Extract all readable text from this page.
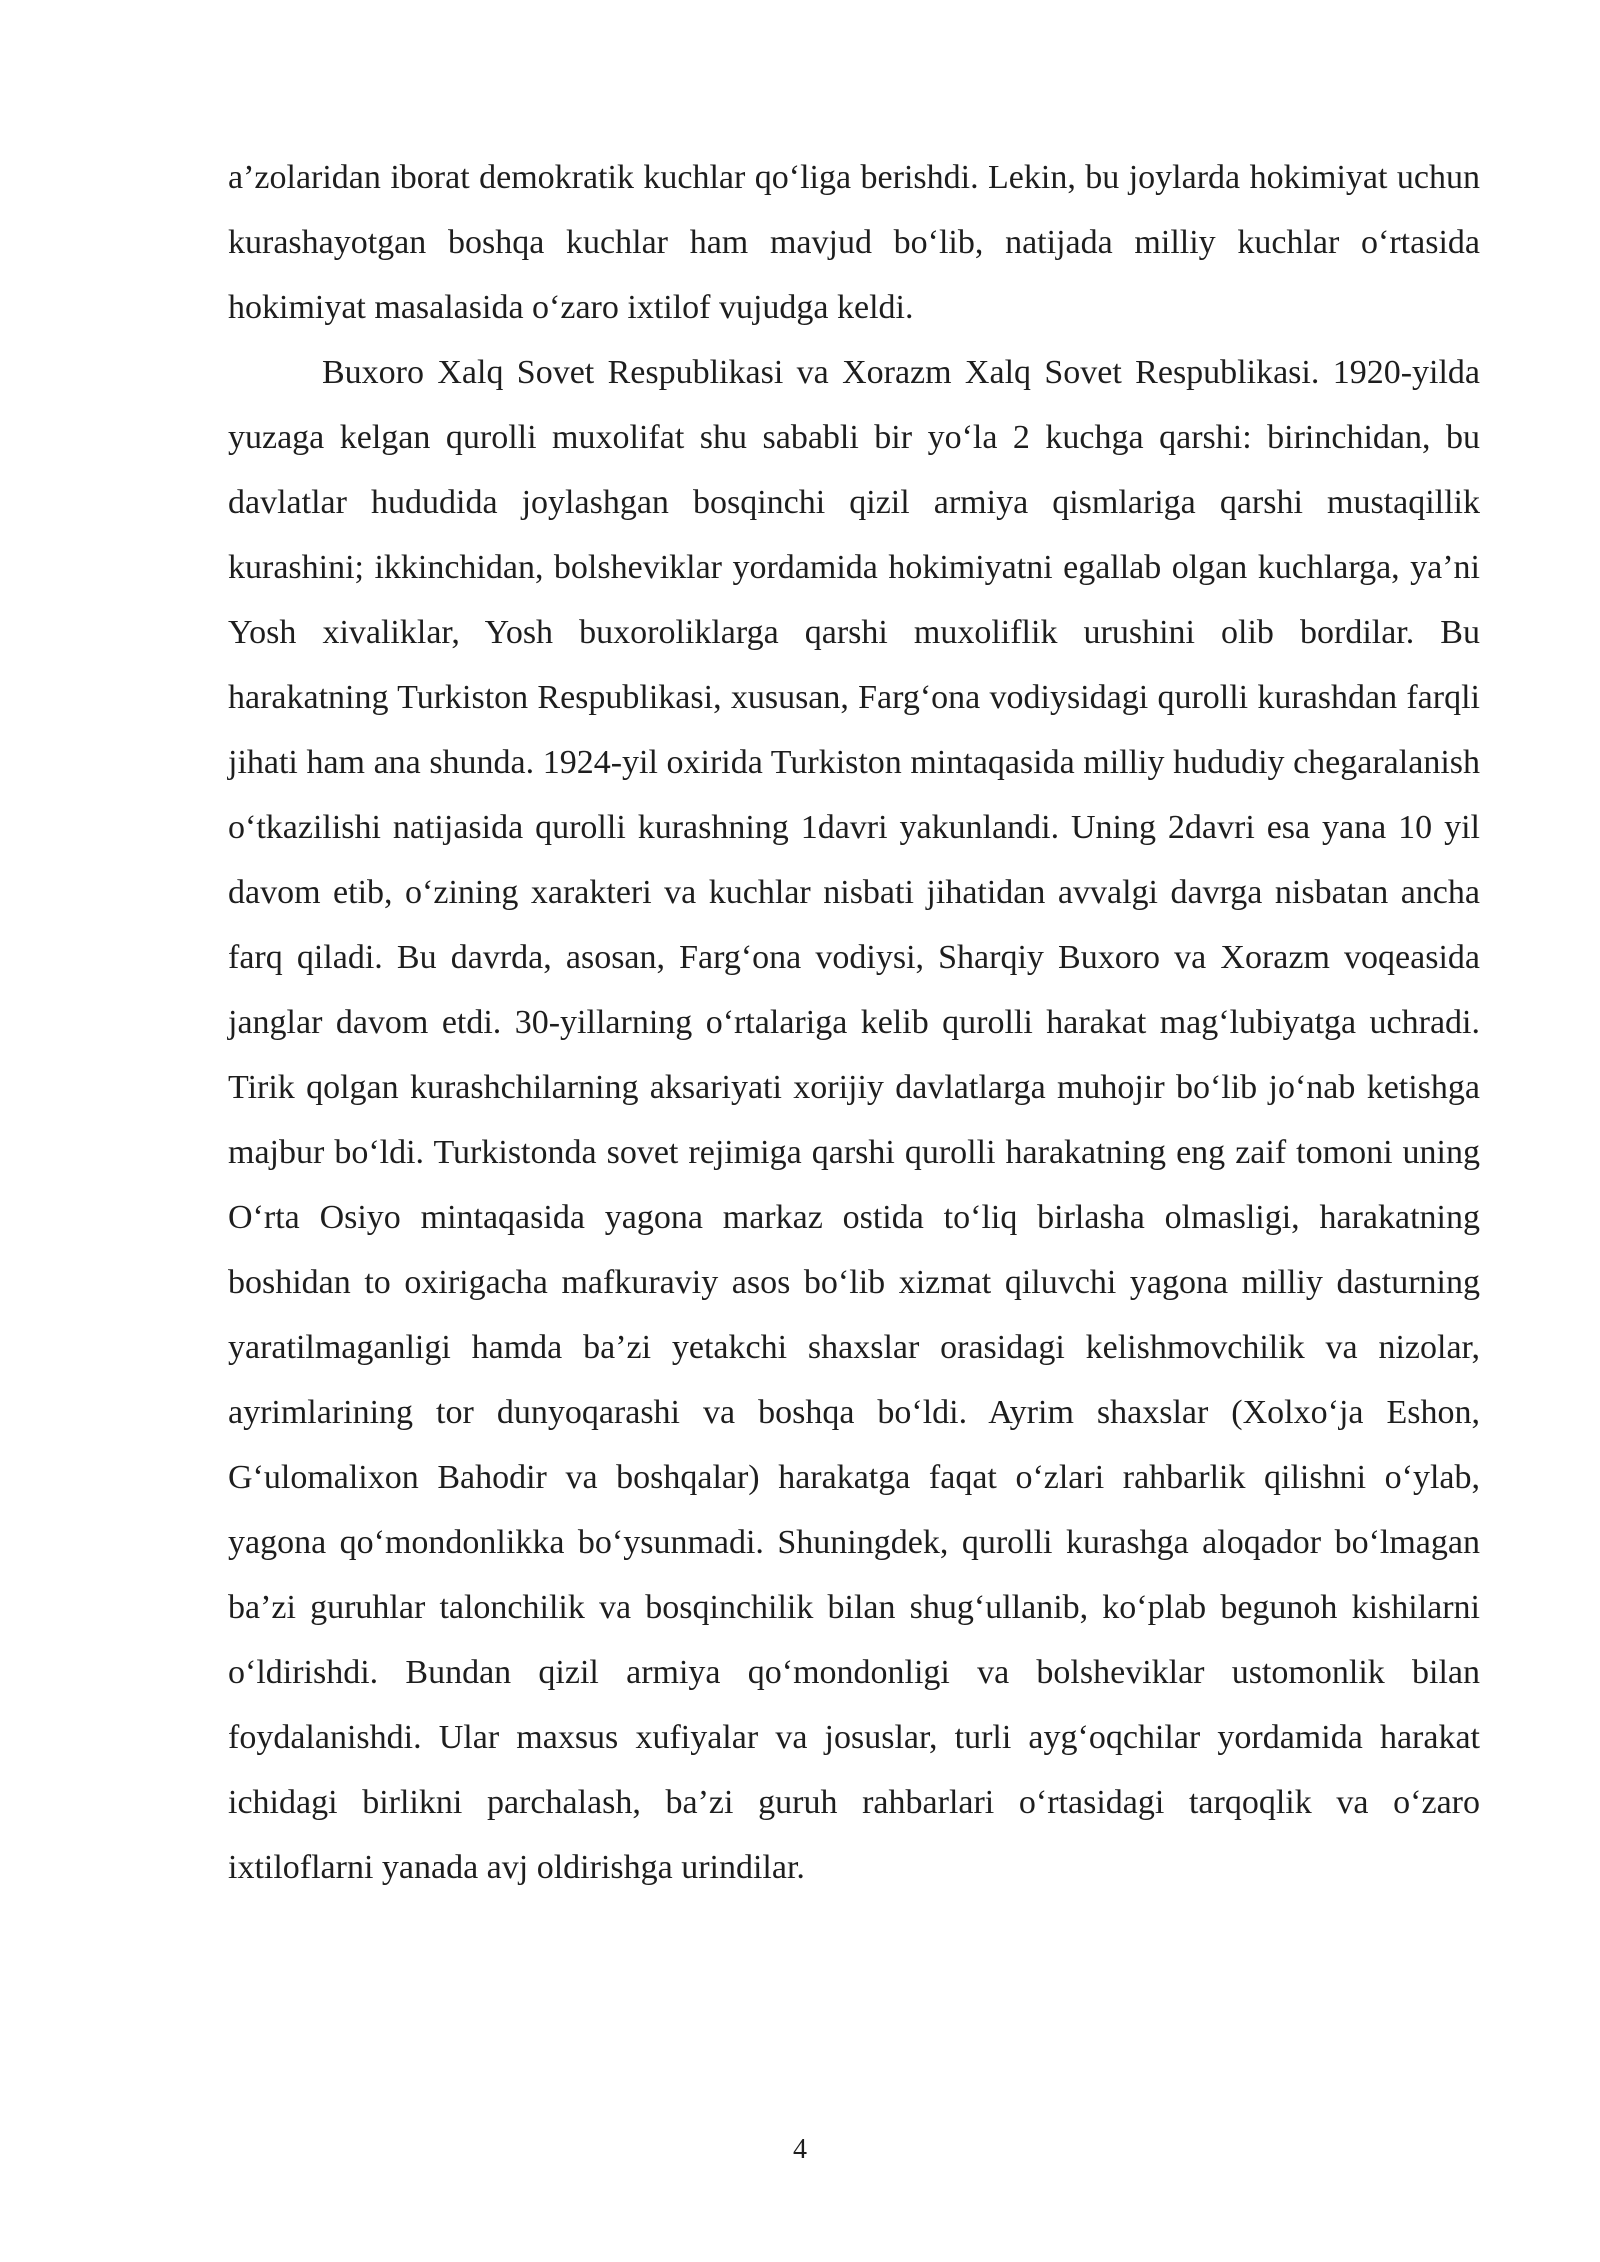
a’zolaridan iborat demokratik kuchlar qo‘liga berishdi. Lekin, bu joylarda hokimiyat uchun kurashayotgan boshqa kuchlar ham mavjud bo‘lib, natijada milliy kuchlar o‘rtasida hokimiyat masalasida o‘zaro ixtilof vujudga keldi.

Buxoro Xalq Sovet Respublikasi va Xorazm Xalq Sovet Respublikasi. 1920-yilda yuzaga kelgan qurolli muxolifat shu sababli bir yo‘la 2 kuchga qarshi: birinchidan, bu davlatlar hududida joylashgan bosqinchi qizil armiya qismlariga qarshi mustaqillik kurashini; ikkinchidan, bolsheviklar yordamida hokimiyatni egallab olgan kuchlarga, ya’ni Yosh xivaliklar, Yosh buxoroliklarga qarshi muxoliflik urushini olib bordilar. Bu harakatning Turkiston Respublikasi, xususan, Farg‘ona vodiysidagi qurolli kurashdan farqli jihati ham ana shunda. 1924-yil oxirida Turkiston mintaqasida milliy hududiy chegaralanish o‘tkazilishi natijasida qurolli kurashning 1davri yakunlandi. Uning 2davri esa yana 10 yil davom etib, o‘zining xarakteri va kuchlar nisbati jihatidan avvalgi davrga nisbatan ancha farq qiladi. Bu davrda, asosan, Farg‘ona vodiysi, Sharqiy Buxoro va Xorazm voqeasida janglar davom etdi. 30-yillarning o‘rtalariga kelib qurolli harakat mag‘lubiyatga uchradi. Tirik qolgan kurashchilarning aksariyati xorijiy davlatlarga muhojir bo‘lib jo‘nab ketishga majbur bo‘ldi. Turkistonda sovet rejimiga qarshi qurolli harakatning eng zaif tomoni uning O‘rta Osiyo mintaqasida yagona markaz ostida to‘liq birlasha olmasligi, harakatning boshidan to oxirigacha mafkuraviy asos bo‘lib xizmat qiluvchi yagona milliy dasturning yaratilmaganligi hamda ba’zi yetakchi shaxslar orasidagi kelishmovchilik va nizolar, ayrimlarining tor dunyoqarashi va boshqa bo‘ldi. Ayrim shaxslar (Xolxo‘ja Eshon, G‘ulomalixon Bahodir va boshqalar) harakatga faqat o‘zlari rahbarlik qilishni o‘ylab, yagona qo‘mondonlikka bo‘ysunmadi. Shuningdek, qurolli kurashga aloqador bo‘lmagan ba’zi guruhlar talonchilik va bosqinchilik bilan shug‘ullanib, ko‘plab begunoh kishilarni o‘ldirishdi. Bundan qizil armiya qo‘mondonligi va bolsheviklar ustomonlik bilan foydalanishdi. Ular maxsus xufiyalar va josuslar, turli ayg‘oqchilar yordamida harakat ichidagi birlikni parchalash, ba’zi guruh rahbarlari o‘rtasidagi tarqoqlik va o‘zaro ixtiloflarni yanada avj oldirishga urindilar.

4
